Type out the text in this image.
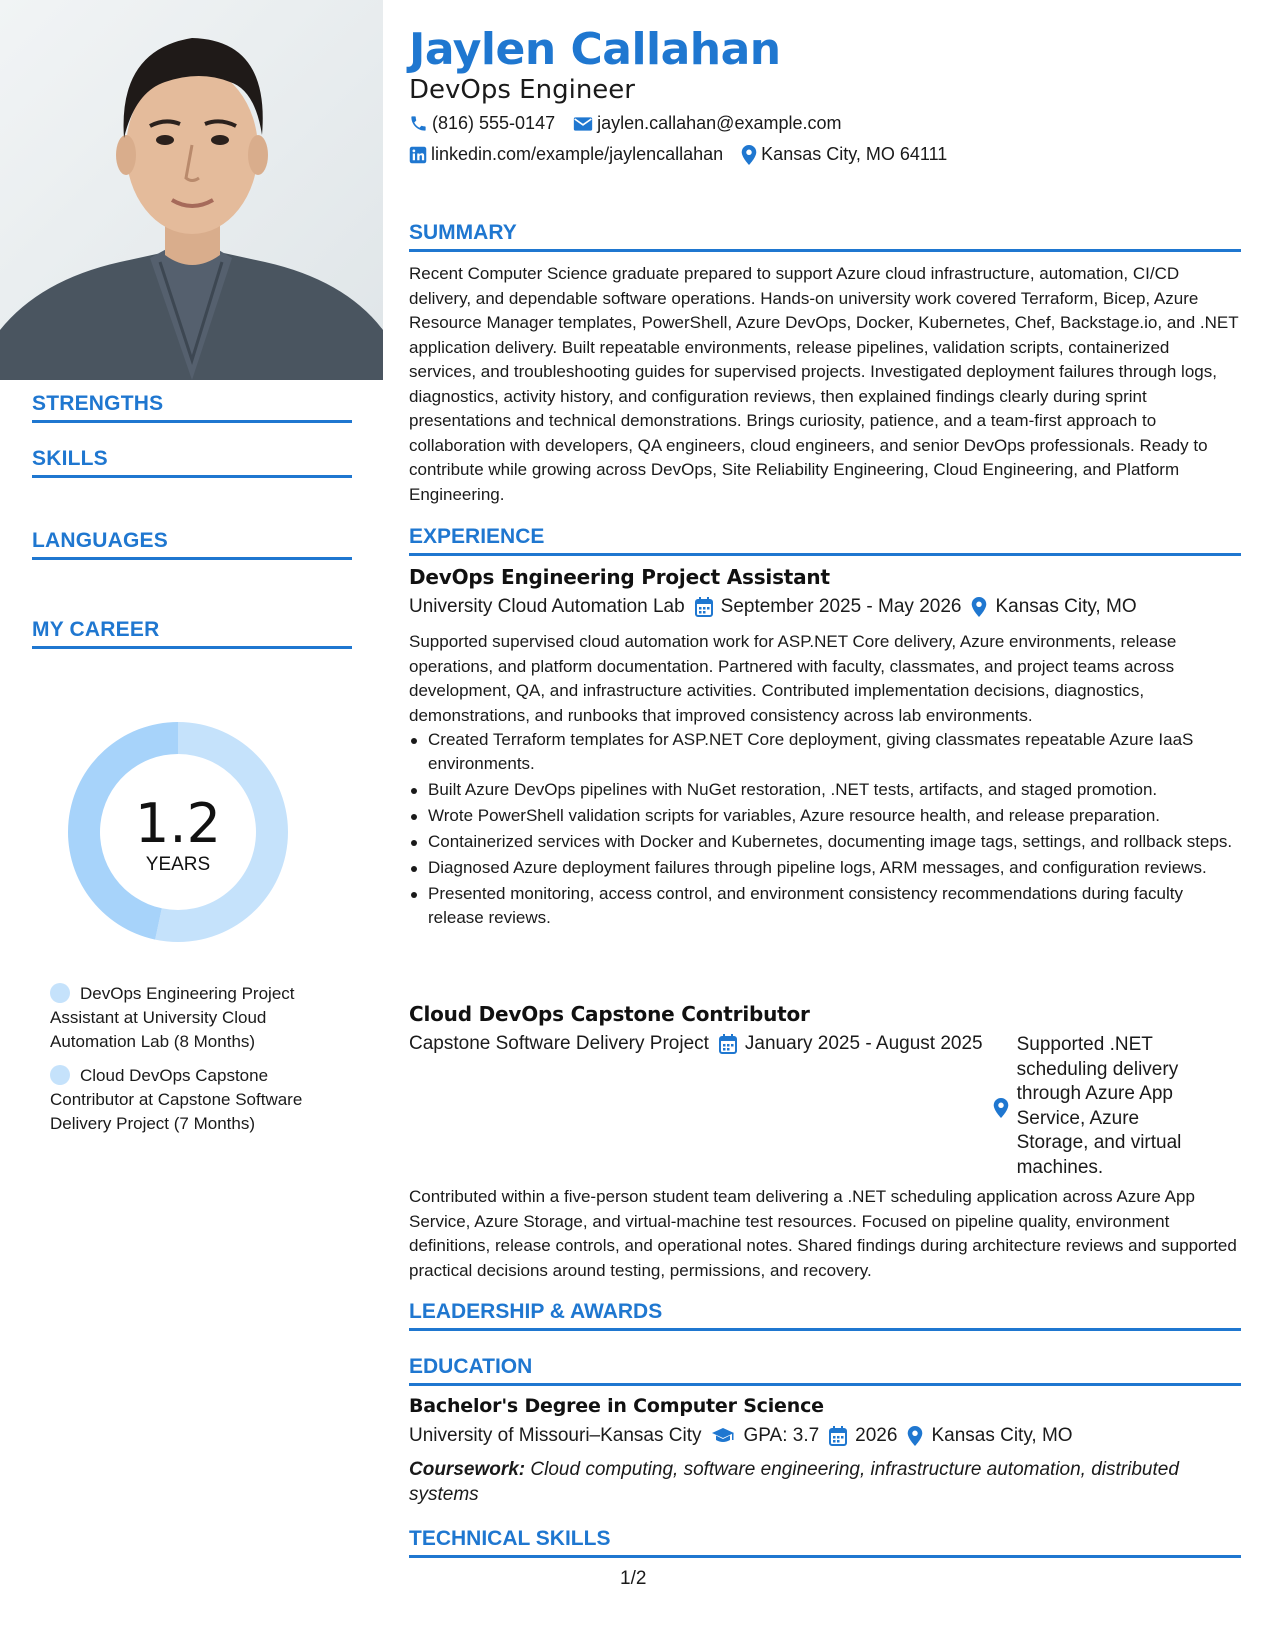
STRENGTHS
SKILLS
LANGUAGES
MY CAREER
1.2
YEARS
DevOps Engineering Project Assistant at University Cloud Automation Lab (8 Months)
Cloud DevOps Capstone Contributor at Capstone Software Delivery Project (7 Months)
Jaylen Callahan
DevOps Engineer
(816) 555-0147 jaylen.callahan@example.com
linkedin.com/example/jaylencallahan Kansas City, MO 64111
SUMMARY
Recent Computer Science graduate prepared to support Azure cloud infrastructure, automation, CI/CD delivery, and dependable software operations. Hands-on university work covered Terraform, Bicep, Azure Resource Manager templates, PowerShell, Azure DevOps, Docker, Kubernetes, Chef, Backstage.io, and .NET application delivery. Built repeatable environments, release pipelines, validation scripts, containerized services, and troubleshooting guides for supervised projects. Investigated deployment failures through logs, diagnostics, activity history, and configuration reviews, then explained findings clearly during sprint presentations and technical demonstrations. Brings curiosity, patience, and a team-first approach to collaboration with developers, QA engineers, cloud engineers, and senior DevOps professionals. Ready to contribute while growing across DevOps, Site Reliability Engineering, Cloud Engineering, and Platform Engineering.
EXPERIENCE
DevOps Engineering Project Assistant
University Cloud Automation Lab September 2025 - May 2026 Kansas City, MO
Supported supervised cloud automation work for ASP.NET Core delivery, Azure environments, release operations, and platform documentation. Partnered with faculty, classmates, and project teams across development, QA, and infrastructure activities. Contributed implementation decisions, diagnostics, demonstrations, and runbooks that improved consistency across lab environments.
Created Terraform templates for ASP.NET Core deployment, giving classmates repeatable Azure IaaS environments.
Built Azure DevOps pipelines with NuGet restoration, .NET tests, artifacts, and staged promotion.
Wrote PowerShell validation scripts for variables, Azure resource health, and release preparation.
Containerized services with Docker and Kubernetes, documenting image tags, settings, and rollback steps.
Diagnosed Azure deployment failures through pipeline logs, ARM messages, and configuration reviews.
Presented monitoring, access control, and environment consistency recommendations during faculty release reviews.
Cloud DevOps Capstone Contributor
Capstone Software Delivery Project January 2025 - August 2025 Supported .NET scheduling delivery through Azure App Service, Azure Storage, and virtual machines.
Contributed within a five-person student team delivering a .NET scheduling application across Azure App Service, Azure Storage, and virtual-machine test resources. Focused on pipeline quality, environment definitions, release controls, and operational notes. Shared findings during architecture reviews and supported practical decisions around testing, permissions, and recovery.
LEADERSHIP & AWARDS
EDUCATION
Bachelor's Degree in Computer Science
University of Missouri–Kansas City GPA: 3.7 2026 Kansas City, MO
Coursework: Cloud computing, software engineering, infrastructure automation, distributed systems
TECHNICAL SKILLS
1/2
